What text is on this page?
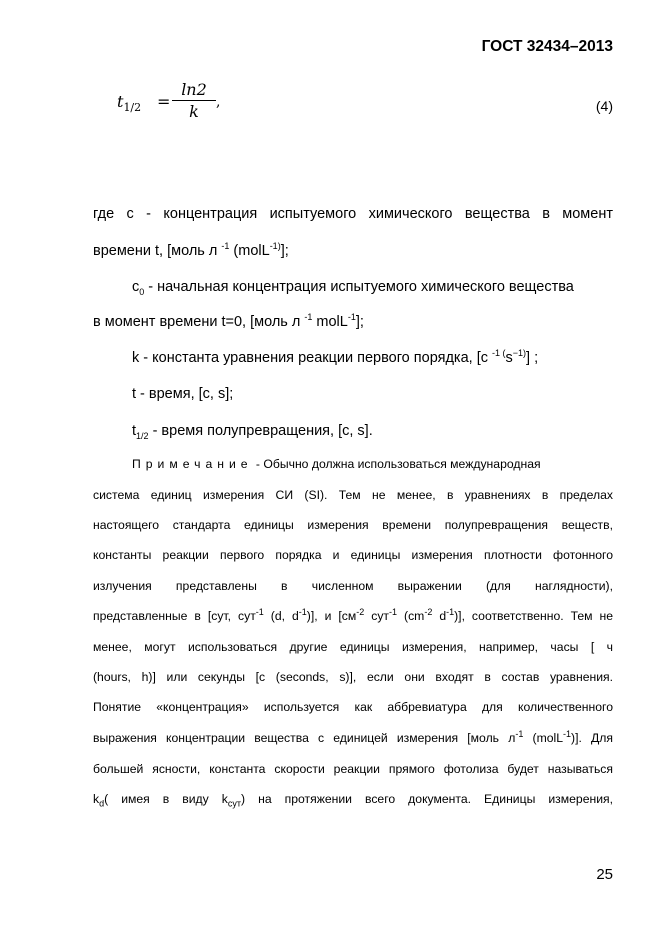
ГОСТ 32434–2013
$t_{1/2} = \frac{\ln 2}{k}$ ,	(4)
где с - концентрация испытуемого химического вещества в момент
времени t, [моль л $^{-1}$ (molL$^{-1)}$];
$с_0$ - начальная концентрация испытуемого химического вещества
в момент времени t=0, [моль л $^{-1}$ molL$^{-1}$];
k - константа уравнения реакции первого порядка, [с $^{-1 (}s^{-1)}$] ;
t - время, [с, s];
$t_{1/2}$ - время полупревращения, [с, s].
Примечание - Обычно должна использоваться международная
система единиц измерения СИ (SI). Тем не менее, в уравнениях в пределах
настоящего стандарта единицы измерения времени полупревращения веществ,
константы реакции первого порядка и единицы измерения плотности фотонного
излучения представлены в численном выражении (для наглядности),
представленные в [сут, сут$^{-1}$ (d, $d^{-1}$)], и [$см^{-2}$ сут$^{-1}$ ($cm^{-2}$ $d^{-1}$)], соответственно. Тем не
менее, могут использоваться другие единицы измерения, например, часы [ ч
(hours, h)] или секунды [с (seconds, s)], если они входят в состав уравнения.
Понятие «концентрация» используется как аббревиатура для количественного
выражения концентрации вещества с единицей измерения [моль $л^{-1}$ (molL$^{-1}$)]. Для
большей ясности, константа скорости реакции прямого фотолиза будет называться
$k_d$( имея в виду $k_{сут}$) на протяжении всего документа. Единицы измерения,
25
